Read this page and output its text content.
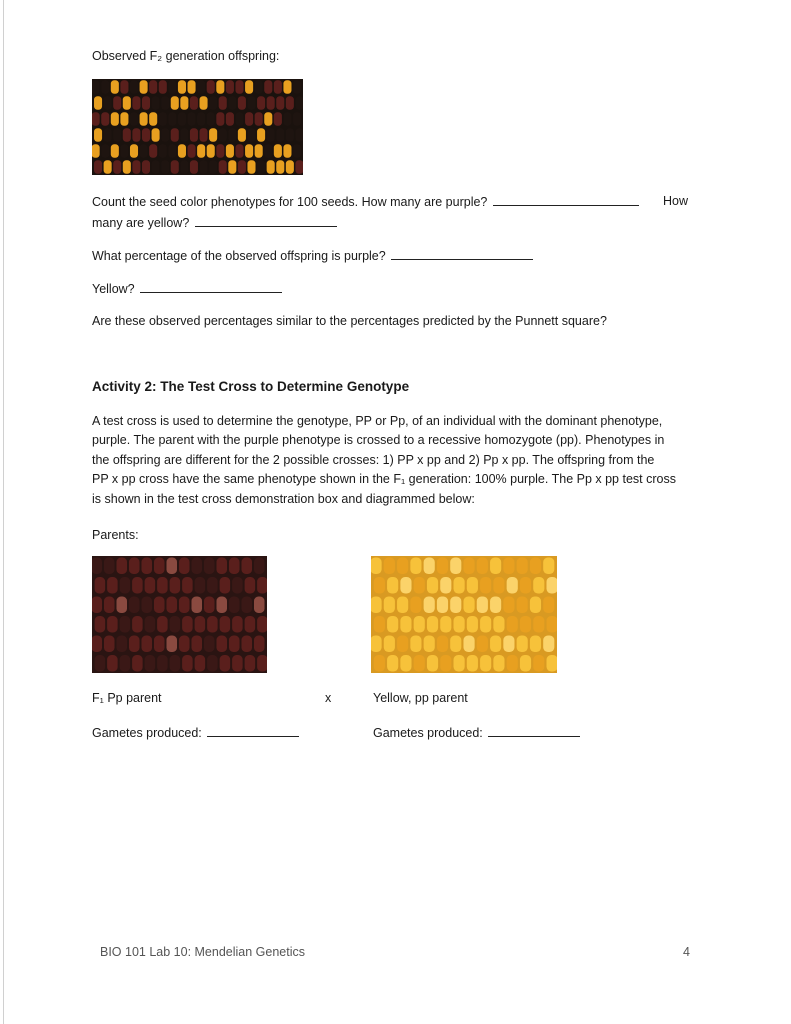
Observed F₂ generation offspring:
Count the seed color phenotypes for 100 seeds. How many are purple?	How
many are yellow?
What percentage of the observed offspring is purple?
Yellow?
Are these observed percentages similar to the percentages predicted by the Punnett square?
Activity 2: The Test Cross to Determine Genotype
A test cross is used to determine the genotype, PP or Pp, of an individual with the dominant phenotype,
purple. The parent with the purple phenotype is crossed to a recessive homozygote (pp). Phenotypes in
the offspring are different for the 2 possible crosses: 1) PP x pp and 2) Pp x pp. The offspring from the
PP x pp cross have the same phenotype shown in the F₁ generation: 100% purple. The Pp x pp test cross
is shown in the test cross demonstration box and diagrammed below:
Parents:
F₁ Pp parent	x	Yellow, pp parent
Gametes produced:	Gametes produced:
BIO 101 Lab 10: Mendelian Genetics	4
